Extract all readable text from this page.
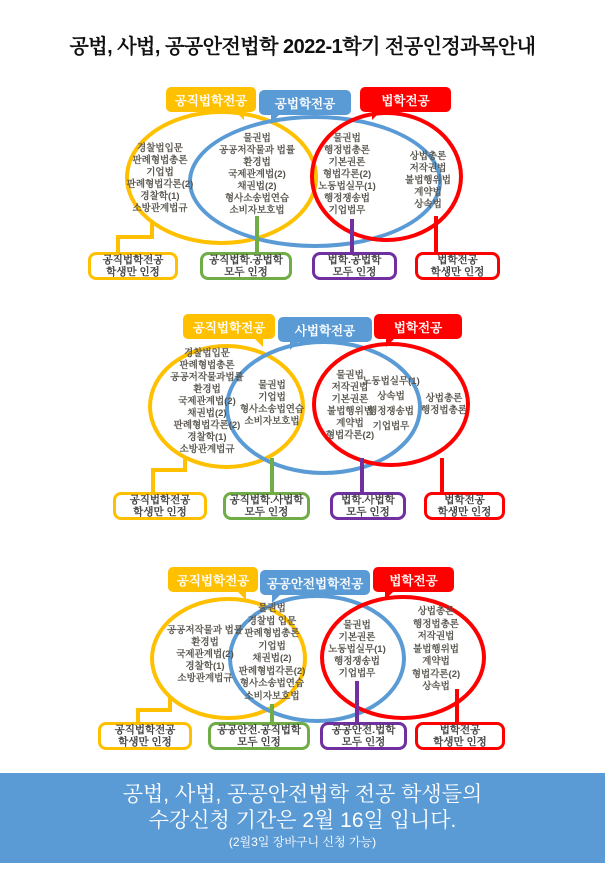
공법, 사법, 공공안전법학 2022-1학기 전공인정과목안내
공직법학전공 공법학전공	법학전공
경찰법입문
판례형법총론
기업법
판례형법각론(2)
경찰학(1)
소방관계법규
물권법
공공저작물과 법률
환경법
국제관계법(2)
채권법(2)
형사소송법연습
소비자보호법
물권법
행정법총론
기본권론
형법각론(2)
노동법실무(1)
행정쟁송법
기업법무
상법총론
저작권법
불법행위법
계약법
상속법
공직법학전공
학생만 인정
공직법학.공법학
모두 인정
법학.공법학
모두 인정
법학전공
학생만 인정
공직법학전공 사법학전공	법학전공
경찰법입문
판례형법총론
공공저작물과법률
환경법
국제관계법(2)
채권법(2)
판례형법각론(2)
경찰학(1)
소방관계법규
물권법
기업법
형사소송법연습
소비자보호법
물권법
저작권법
기본권론
불법행위법
계약법
형법각론(2)
노동법실무(1)
상속법
행정쟁송법
기업법무
상법총론
행정법총론
공직법학전공
학생만 인정
공직법학.사법학
모두 인정
법학.사법학
모두 인정
법학전공
학생만 인정
공직법학전공 공공안전법학전공 법학전공
공공저작물과 법률
환경법
국제관계법(2)
경찰학(1)
소방관계법규
물권법
경찰법 입문
판례형법총론
기업법
채권법(2)
판례형법각론(2)
형사소송법연습
소비자보호법
물권법
기본권론
노동법실무(1)
행정쟁송법
기업법무
상법총론
행정법총론
저작권법
불법행위법
계약법
형법각론(2)
상속법
공직법학전공
학생만 인정
공공안전.공직법학
모두 인정
공공안전.법학
모두 인정
법학전공
학생만 인정
공법, 사법, 공공안전법학 전공 학생들의
수강신청 기간은 2월 16일 입니다.
(2월3일 장바구니 신청 가능)
